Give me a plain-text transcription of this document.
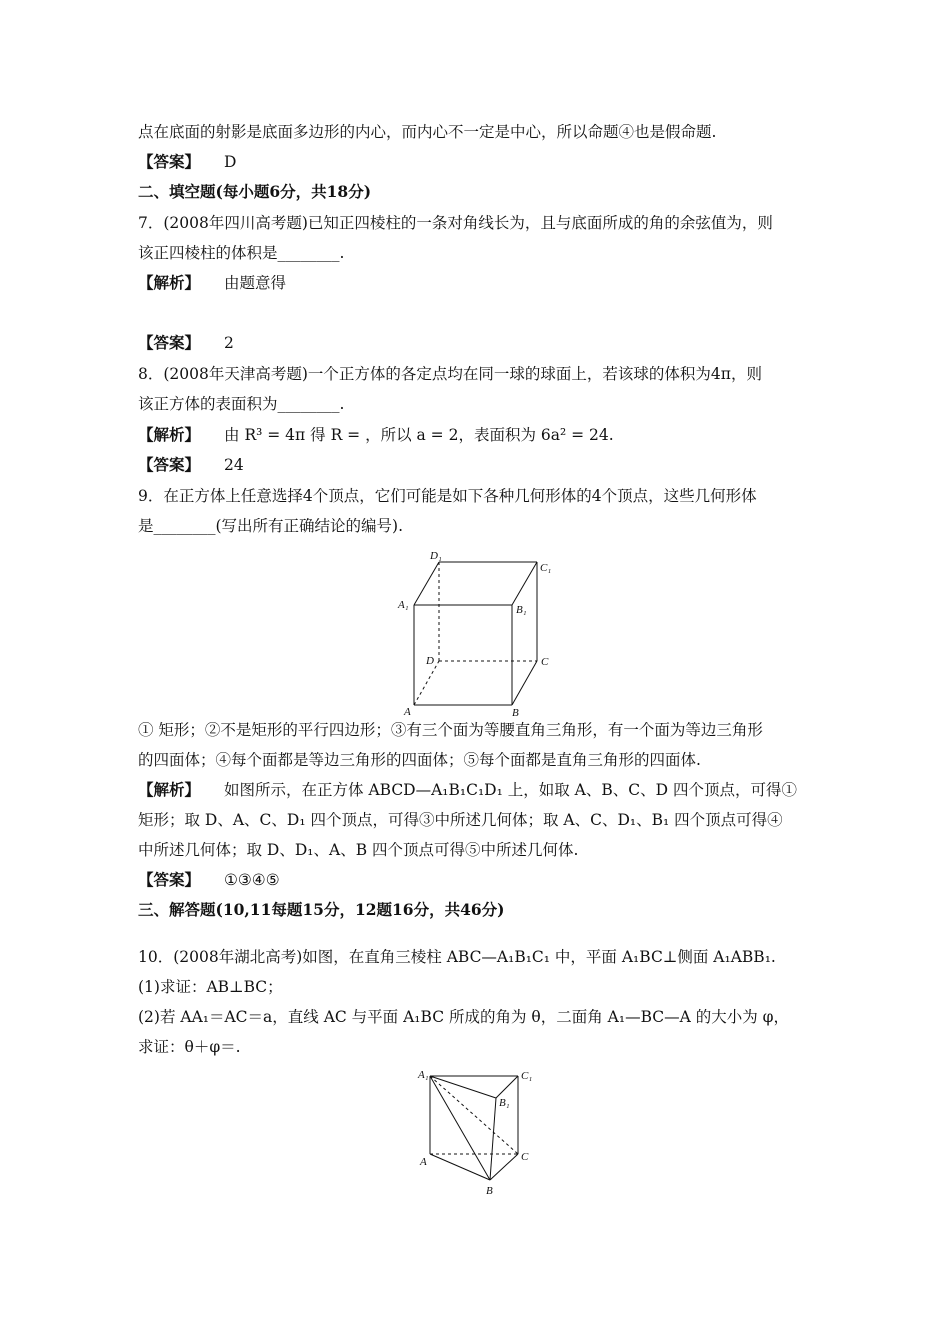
点在底面的射影是底面多边形的内心，而内心不一定是中心，所以命题④也是假命题.
【答案】 D
二、填空题(每小题6分，共18分)
7．(2008年四川高考题)已知正四棱柱的一条对角线长为，且与底面所成的角的余弦值为，则
该正四棱柱的体积是________.
【解析】 由题意得
【答案】 2
8．(2008年天津高考题)一个正方体的各定点均在同一球的球面上，若该球的体积为4π，则
该正方体的表面积为________.
【解析】 由 R³ = 4π 得 R = ，所以 a = 2，表面积为 6a² = 24.
【答案】 24
9．在正方体上任意选择4个顶点，它们可能是如下各种几何形体的4个顶点，这些几何形体
是________(写出所有正确结论的编号).
D₁
C₁
A₁	B₁
D	C
A	B
① 矩形；②不是矩形的平行四边形；③有三个面为等腰直角三角形，有一个面为等边三角形
的四面体；④每个面都是等边三角形的四面体；⑤每个面都是直角三角形的四面体.
【解析】 如图所示，在正方体 ABCD—A₁B₁C₁D₁ 上，如取 A、B、C、D 四个顶点，可得①
矩形；取 D、A、C、D₁ 四个顶点，可得③中所述几何体；取 A、C、D₁、B₁ 四个顶点可得④
中所述几何体；取 D、D₁、A、B 四个顶点可得⑤中所述几何体.
【答案】 ①③④⑤
三、解答题(10,11每题15分，12题16分，共46分)
10．(2008年湖北高考)如图，在直角三棱柱 ABC—A₁B₁C₁ 中，平面 A₁BC⊥侧面 A₁ABB₁.
(1)求证：AB⊥BC；
(2)若 AA₁＝AC＝a，直线 AC 与平面 A₁BC 所成的角为 θ，二面角 A₁—BC—A 的大小为 φ，
求证：θ＋φ＝.
A₁	C₁
B₁
A	C
B
